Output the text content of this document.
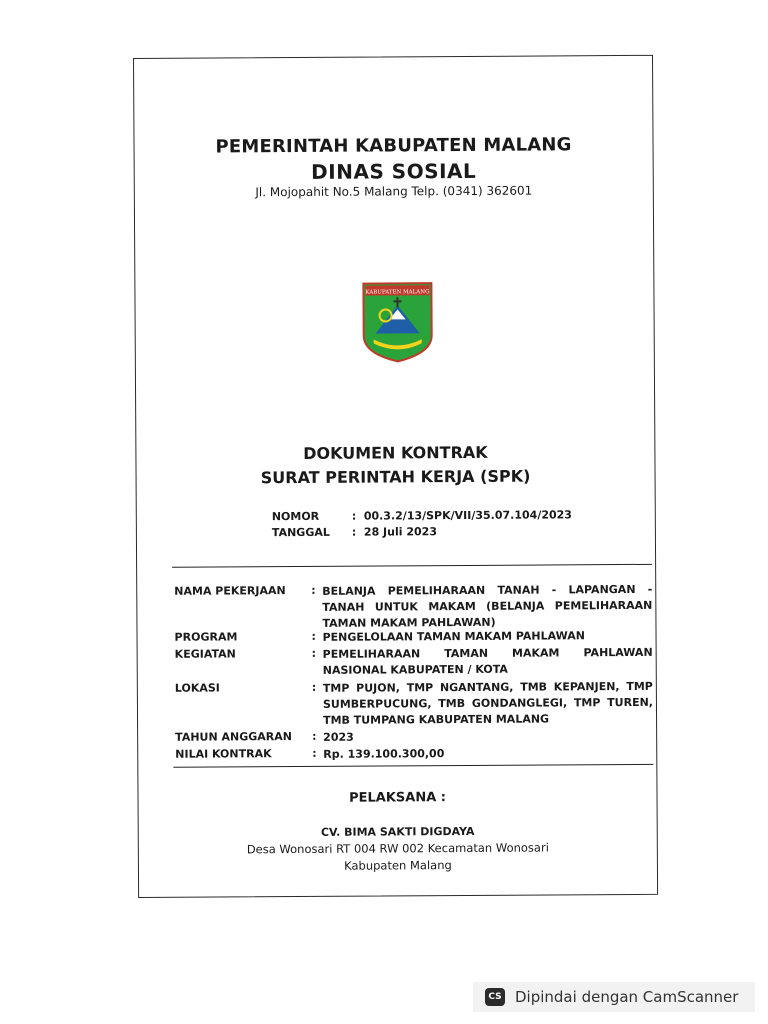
PEMERINTAH KABUPATEN MALANG
DINAS SOSIAL
Jl. Mojopahit No.5 Malang Telp. (0341) 362601
KABUPATEN MALANG
DOKUMEN KONTRAK
SURAT PERINTAH KERJA (SPK)
NOMOR	: 00.3.2/13/SPK/VII/35.07.104/2023
TANGGAL : 28 Juli 2023
NAMA PEKERJAAN	: BELANJA PEMELIHARAAN TANAH - LAPANGAN - TANAH UNTUK MAKAM (BELANJA PEMELIHARAAN TAMAN MAKAM PAHLAWAN)
PROGRAM	: PENGELOLAAN TAMAN MAKAM PAHLAWAN
KEGIATAN	: PEMELIHARAAN TAMAN MAKAM PAHLAWAN NASIONAL KABUPATEN / KOTA
LOKASI	: TMP PUJON, TMP NGANTANG, TMB KEPANJEN, TMP SUMBERPUCUNG, TMB GONDANGLEGI, TMP TUREN, TMB TUMPANG KABUPATEN MALANG
TAHUN ANGGARAN	: 2023
NILAI KONTRAK	: Rp. 139.100.300,00
PELAKSANA :
CV. BIMA SAKTI DIGDAYA
Desa Wonosari RT 004 RW 002 Kecamatan Wonosari
Kabupaten Malang
CS Dipindai dengan CamScanner
